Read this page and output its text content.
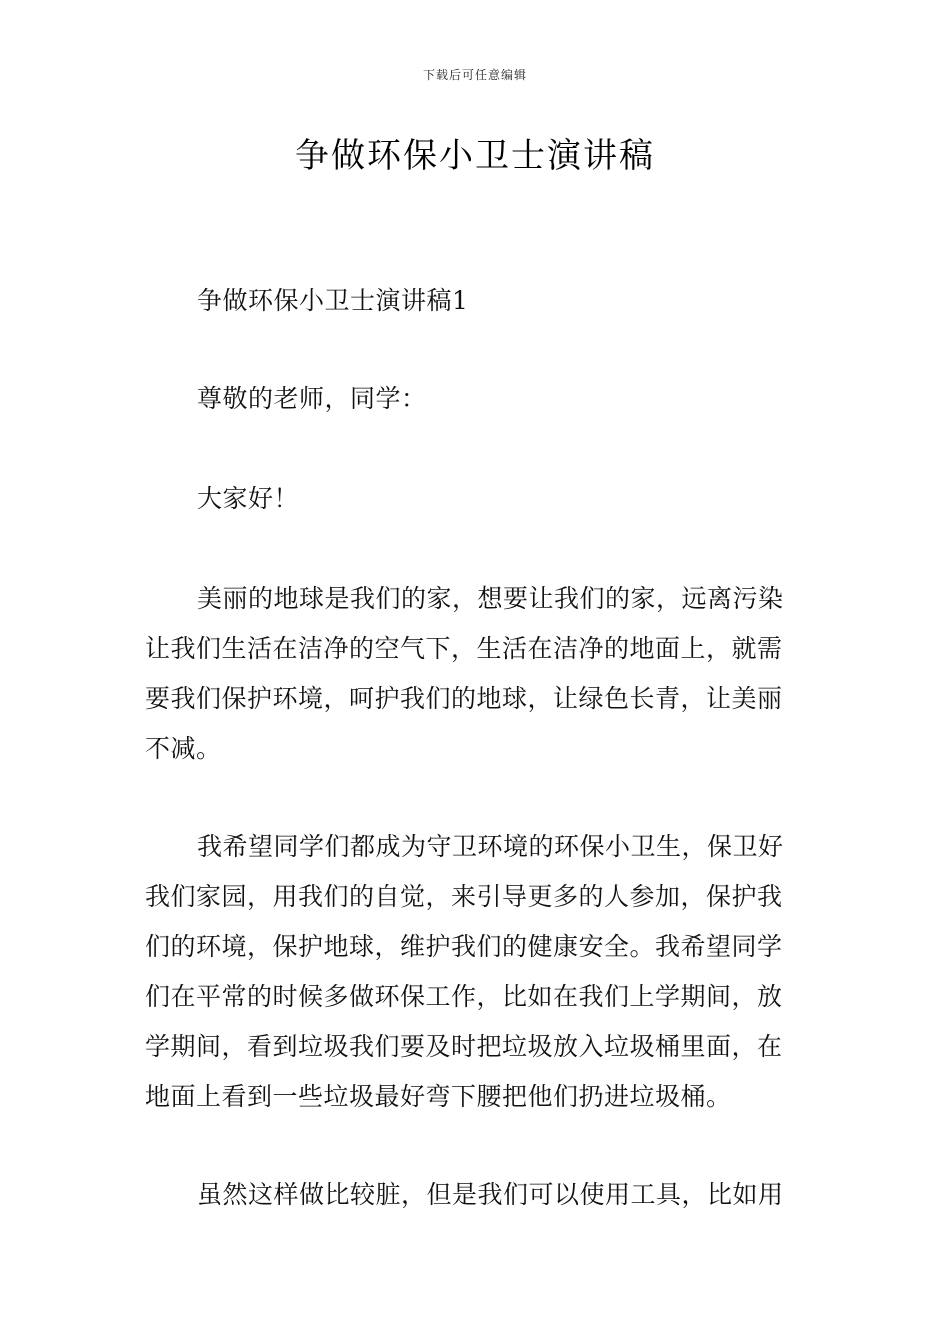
下载后可任意编辑
争做环保小卫士演讲稿
争做环保小卫士演讲稿1
尊敬的老师，同学：
大家好！
美丽的地球是我们的家，想要让我们的家，远离污染
让我们生活在洁净的空气下，生活在洁净的地面上，就需
要我们保护环境，呵护我们的地球，让绿色长青，让美丽
不减。
我希望同学们都成为守卫环境的环保小卫生，保卫好
我们家园，用我们的自觉，来引导更多的人参加，保护我
们的环境，保护地球，维护我们的健康安全。我希望同学
们在平常的时候多做环保工作，比如在我们上学期间，放
学期间，看到垃圾我们要及时把垃圾放入垃圾桶里面，在
地面上看到一些垃圾最好弯下腰把他们扔进垃圾桶。
虽然这样做比较脏，但是我们可以使用工具，比如用
